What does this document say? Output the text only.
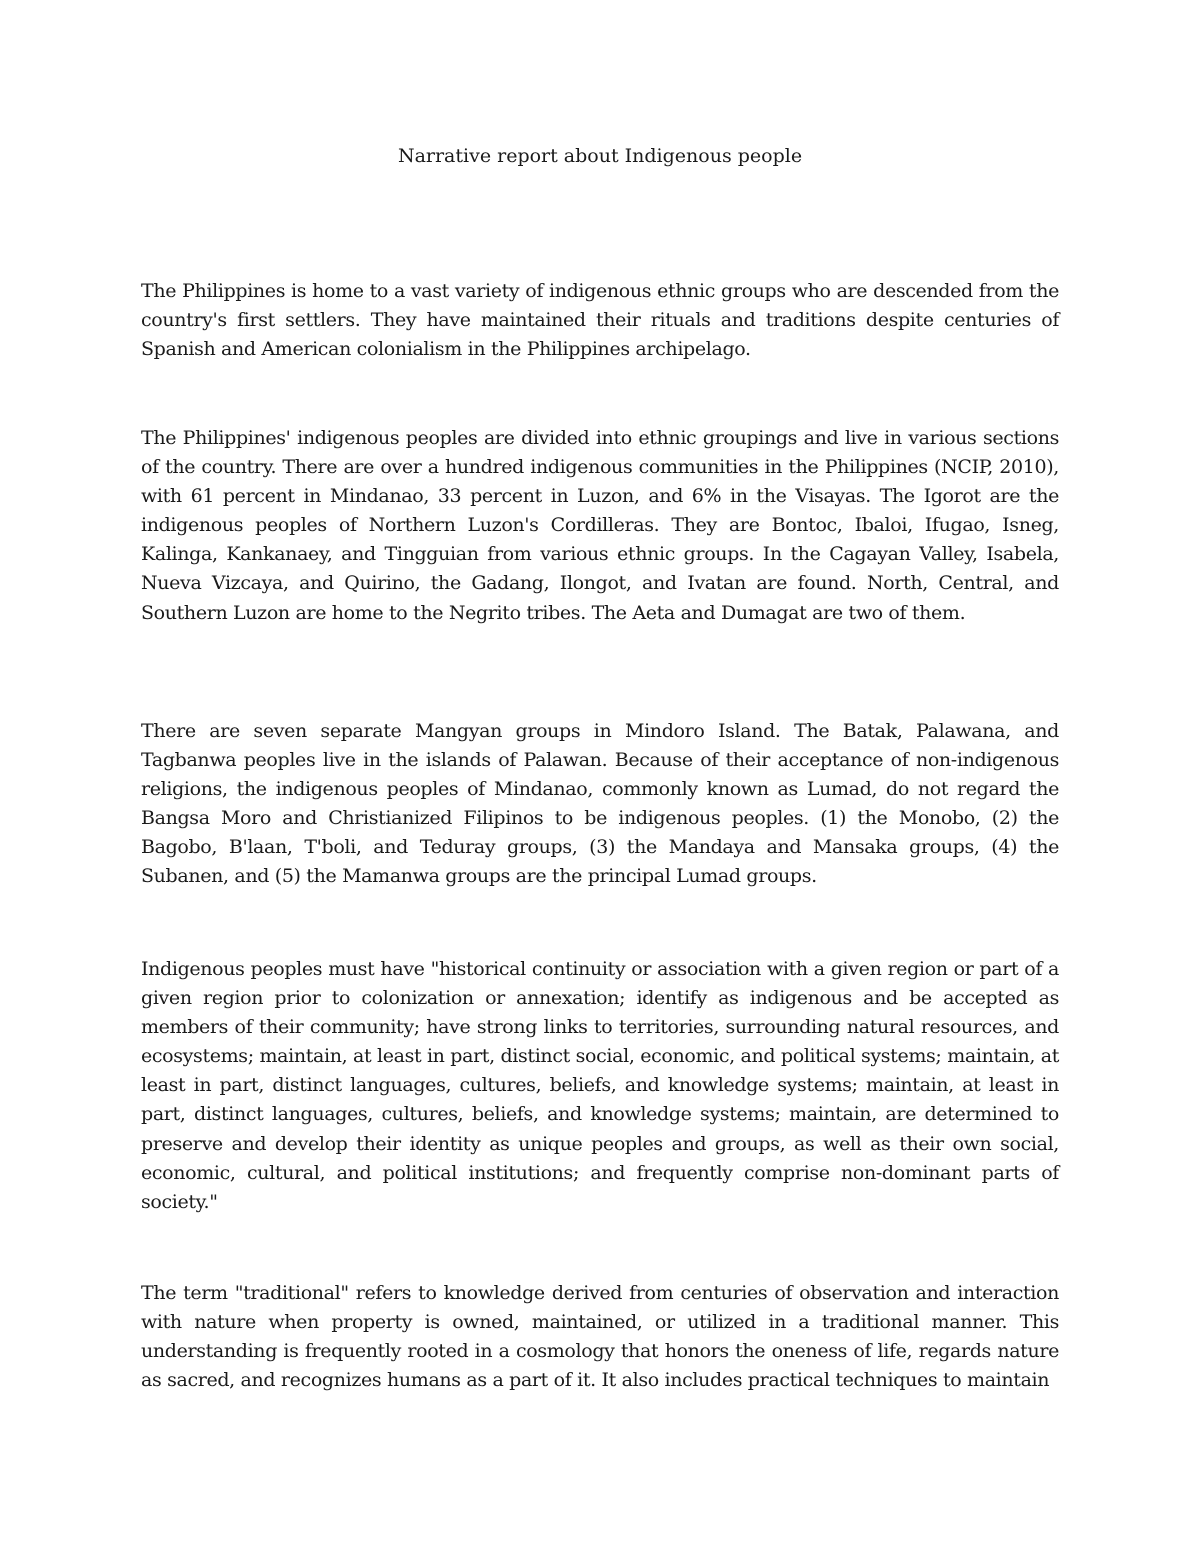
Narrative report about Indigenous people

The Philippines is home to a vast variety of indigenous ethnic groups who are descended from the country's first settlers. They have maintained their rituals and traditions despite centuries of Spanish and American colonialism in the Philippines archipelago.

The Philippines' indigenous peoples are divided into ethnic groupings and live in various sections of the country. There are over a hundred indigenous communities in the Philippines (NCIP, 2010), with 61 percent in Mindanao, 33 percent in Luzon, and 6% in the Visayas. The Igorot are the indigenous peoples of Northern Luzon's Cordilleras. They are Bontoc, Ibaloi, Ifugao, Isneg, Kalinga, Kankanaey, and Tingguian from various ethnic groups. In the Cagayan Valley, Isabela, Nueva Vizcaya, and Quirino, the Gadang, Ilongot, and Ivatan are found. North, Central, and Southern Luzon are home to the Negrito tribes. The Aeta and Dumagat are two of them.

There are seven separate Mangyan groups in Mindoro Island. The Batak, Palawana, and Tagbanwa peoples live in the islands of Palawan. Because of their acceptance of non-indigenous religions, the indigenous peoples of Mindanao, commonly known as Lumad, do not regard the Bangsa Moro and Christianized Filipinos to be indigenous peoples. (1) the Monobo, (2) the Bagobo, B'laan, T'boli, and Teduray groups, (3) the Mandaya and Mansaka groups, (4) the Subanen, and (5) the Mamanwa groups are the principal Lumad groups.

Indigenous peoples must have "historical continuity or association with a given region or part of a given region prior to colonization or annexation; identify as indigenous and be accepted as members of their community; have strong links to territories, surrounding natural resources, and ecosystems; maintain, at least in part, distinct social, economic, and political systems; maintain, at least in part, distinct languages, cultures, beliefs, and knowledge systems; maintain, at least in part, distinct languages, cultures, beliefs, and knowledge systems; maintain, are determined to preserve and develop their identity as unique peoples and groups, as well as their own social, economic, cultural, and political institutions; and frequently comprise non-dominant parts of society."

The term "traditional" refers to knowledge derived from centuries of observation and interaction with nature when property is owned, maintained, or utilized in a traditional manner. This understanding is frequently rooted in a cosmology that honors the oneness of life, regards nature as sacred, and recognizes humans as a part of it. It also includes practical techniques to maintain
